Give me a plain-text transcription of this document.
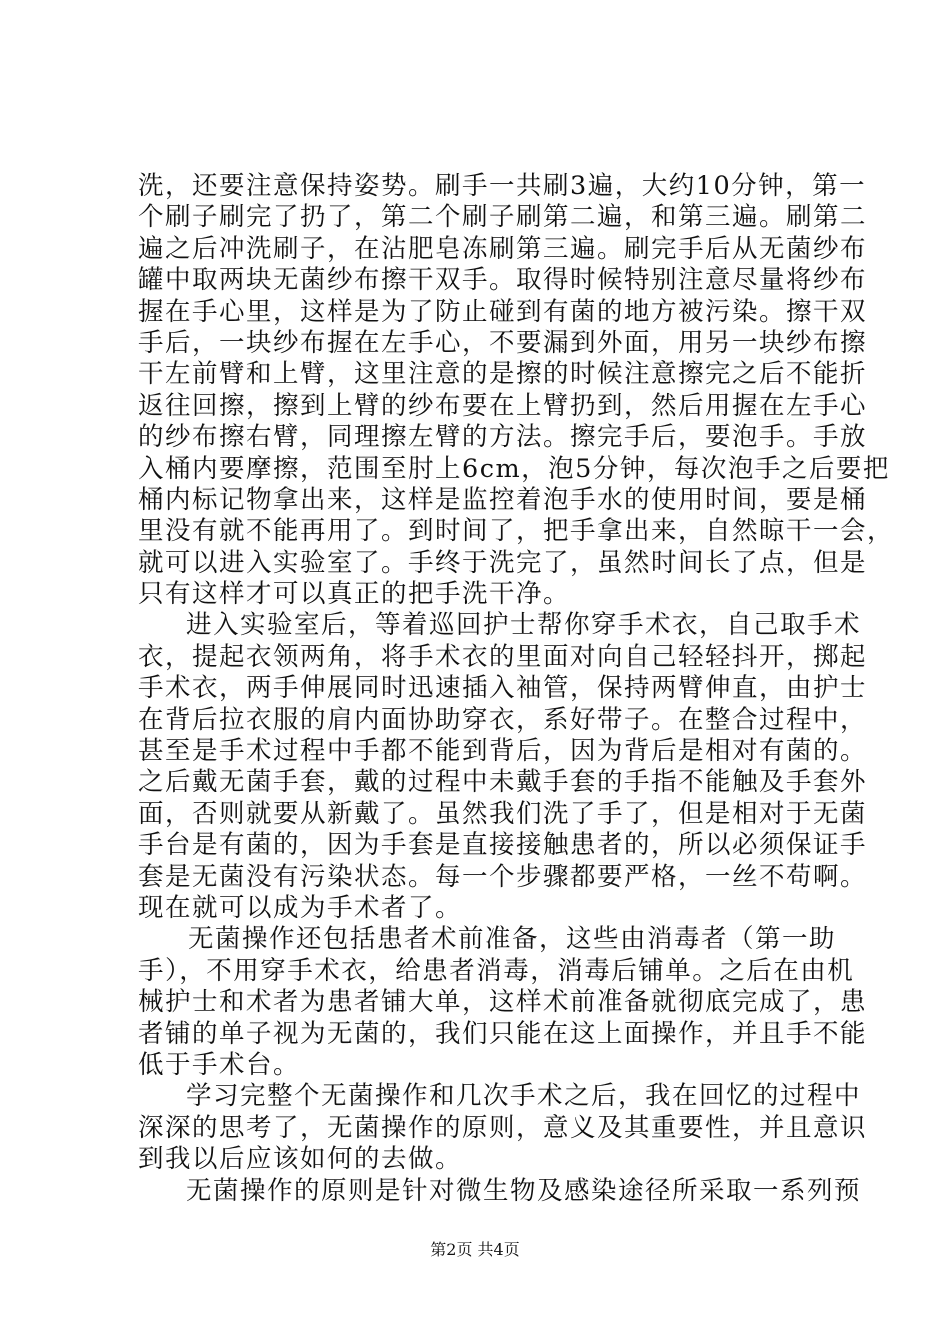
洗，还要注意保持姿势。刷手一共刷3遍，大约10分钟，第一
个刷子刷完了扔了，第二个刷子刷第二遍，和第三遍。刷第二
遍之后冲洗刷子，在沾肥皂冻刷第三遍。刷完手后从无菌纱布
罐中取两块无菌纱布擦干双手。取得时候特别注意尽量将纱布
握在手心里，这样是为了防止碰到有菌的地方被污染。擦干双
手后，一块纱布握在左手心，不要漏到外面，用另一块纱布擦
干左前臂和上臂，这里注意的是擦的时候注意擦完之后不能折
返往回擦，擦到上臂的纱布要在上臂扔到，然后用握在左手心
的纱布擦右臂，同理擦左臂的方法。擦完手后，要泡手。手放
入桶内要摩擦，范围至肘上6cm，泡5分钟，每次泡手之后要把
桶内标记物拿出来，这样是监控着泡手水的使用时间，要是桶
里没有就不能再用了。到时间了，把手拿出来，自然晾干一会，
就可以进入实验室了。手终于洗完了，虽然时间长了点，但是
只有这样才可以真正的把手洗干净。
进入实验室后，等着巡回护士帮你穿手术衣，自己取手术
衣，提起衣领两角，将手术衣的里面对向自己轻轻抖开，掷起
手术衣，两手伸展同时迅速插入袖管，保持两臂伸直，由护士
在背后拉衣服的肩内面协助穿衣，系好带子。在整合过程中，
甚至是手术过程中手都不能到背后，因为背后是相对有菌的。
之后戴无菌手套，戴的过程中未戴手套的手指不能触及手套外
面，否则就要从新戴了。虽然我们洗了手了，但是相对于无菌
手台是有菌的，因为手套是直接接触患者的，所以必须保证手
套是无菌没有污染状态。每一个步骤都要严格，一丝不苟啊。
现在就可以成为手术者了。
无菌操作还包括患者术前准备，这些由消毒者（第一助
手），不用穿手术衣，给患者消毒，消毒后铺单。之后在由机
械护士和术者为患者铺大单，这样术前准备就彻底完成了，患
者铺的单子视为无菌的，我们只能在这上面操作，并且手不能
低于手术台。
学习完整个无菌操作和几次手术之后，我在回忆的过程中
深深的思考了，无菌操作的原则，意义及其重要性，并且意识
到我以后应该如何的去做。
无菌操作的原则是针对微生物及感染途径所采取一系列预
第2页 共4页
